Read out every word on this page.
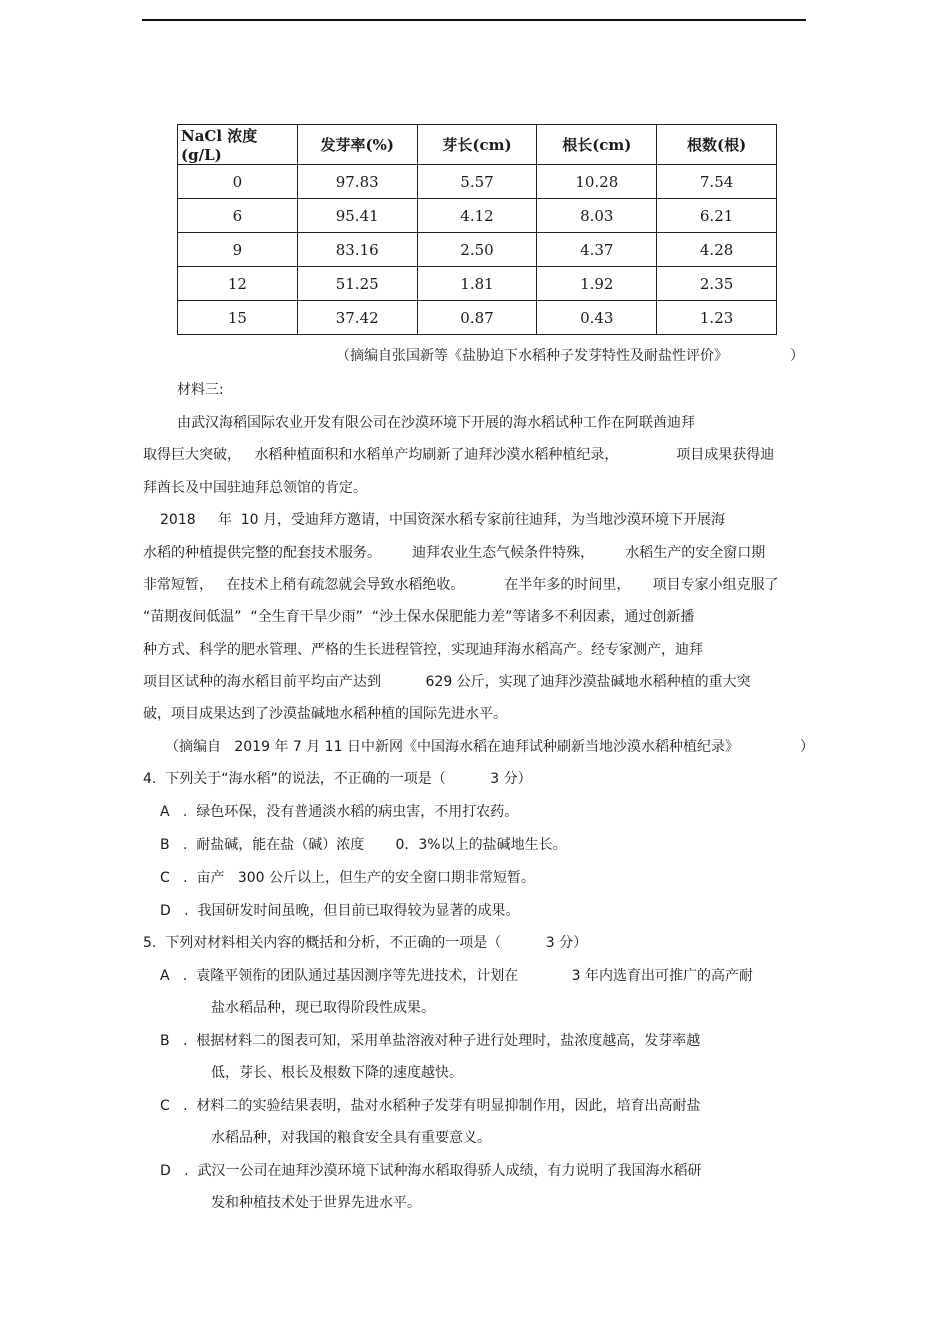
NaCl 浓度(g/L)	发芽率(%)	芽长(cm)	根长(cm)	根数(根)
0	97.83	5.57	10.28	7.54
6	95.41	4.12	8.03	6.21
9	83.16	2.50	4.37	4.28
12	51.25	1.81	1.92	2.35
15	37.42	0.87	0.43	1.23
（摘编自张国新等《盐胁迫下水稻种子发芽特性及耐盐性评价》	）
材料三:
由武汉海稻国际农业开发有限公司在沙漠环境下开展的海水稻试种工作在阿联酋迪拜
取得巨大突破，   水稻种植面积和水稻单产均刷新了迪拜沙漠水稻种植纪录，             项目成果获得迪
拜酋长及中国驻迪拜总领馆的肯定。
2018     年  10 月，受迪拜方邀请，中国资深水稻专家前往迪拜，为当地沙漠环境下开展海
水稻的种植提供完整的配套技术服务。       迪拜农业生态气候条件特殊，       水稻生产的安全窗口期
非常短暂，   在技术上稍有疏忽就会导致水稻绝收。         在半年多的时间里，     项目专家小组克服了
“苗期夜间低温”  “全生育干旱少雨”  “沙土保水保肥能力差”等诸多不利因素，通过创新播
种方式、科学的肥水管理、严格的生长进程管控，实现迪拜海水稻高产。经专家测产，迪拜
项目区试种的海水稻目前平均亩产达到          629 公斤，实现了迪拜沙漠盐碱地水稻种植的重大突
破，项目成果达到了沙漠盐碱地水稻种植的国际先进水平。
（摘编自   2019 年 7 月 11 日中新网《中国海水稻在迪拜试种刷新当地沙漠水稻种植纪录》	）
4.  下列关于“海水稻”的说法，不正确的一项是（          3 分）
A   .  绿色环保，没有普通淡水稻的病虫害，不用打农药。
B   .  耐盐碱，能在盐（碱）浓度       0．3%以上的盐碱地生长。
C   .  亩产   300 公斤以上，但生产的安全窗口期非常短暂。
D   .  我国研发时间虽晚，但目前已取得较为显著的成果。
5.  下列对材料相关内容的概括和分析，不正确的一项是（          3 分）
A   .  袁隆平领衔的团队通过基因测序等先进技术，计划在            3 年内选育出可推广的高产耐
盐水稻品种，现已取得阶段性成果。
B   .  根据材料二的图表可知，采用单盐溶液对种子进行处理时，盐浓度越高，发芽率越
低，芽长、根长及根数下降的速度越快。
C   .  材料二的实验结果表明，盐对水稻种子发芽有明显抑制作用，因此，培育出高耐盐
水稻品种，对我国的粮食安全具有重要意义。
D   .  武汉一公司在迪拜沙漠环境下试种海水稻取得骄人成绩，有力说明了我国海水稻研
发和种植技术处于世界先进水平。
